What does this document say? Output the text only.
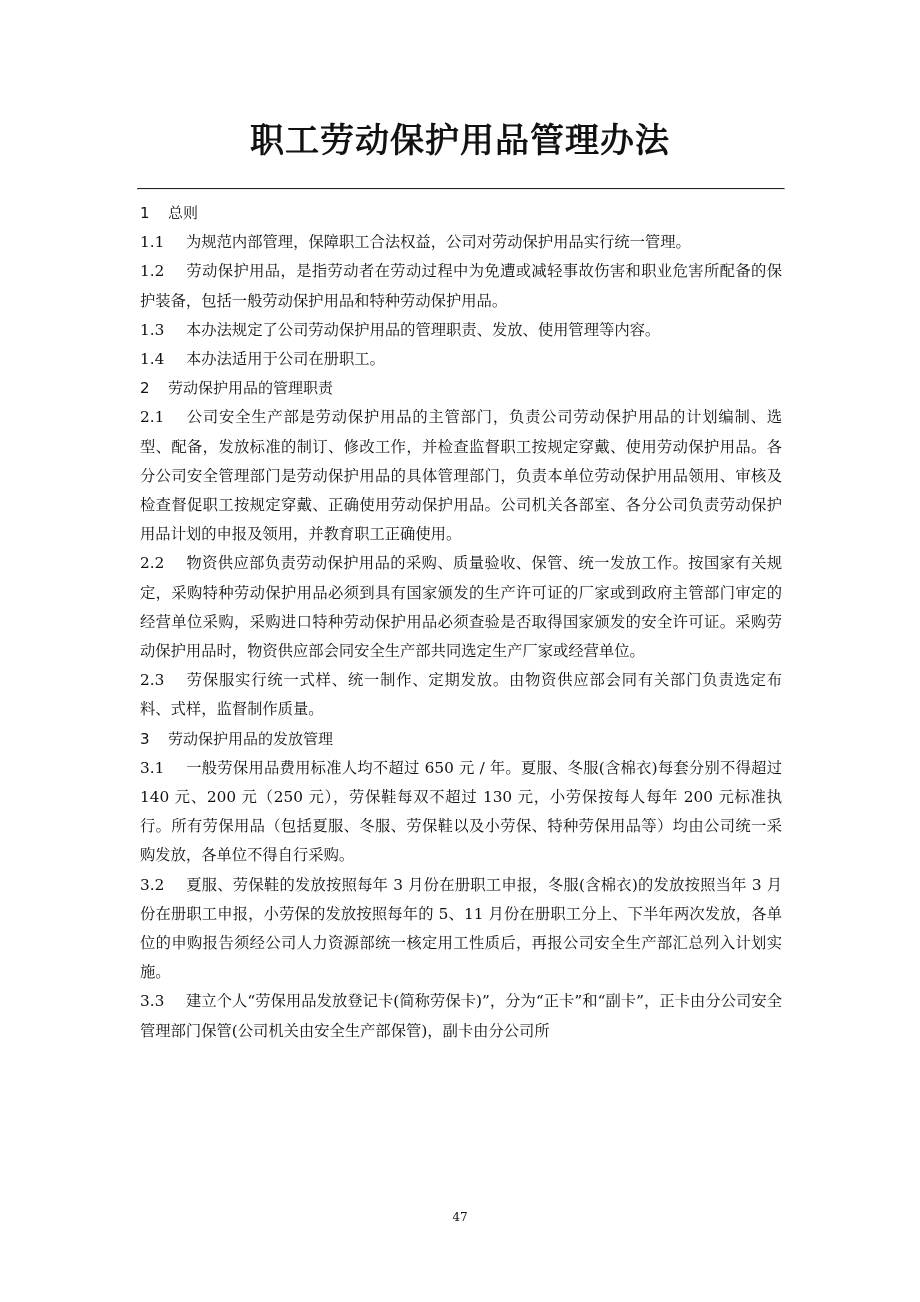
职工劳动保护用品管理办法

1 总则

1.1 为规范内部管理，保障职工合法权益，公司对劳动保护用品实行统一管理。

1.2 劳动保护用品，是指劳动者在劳动过程中为免遭或减轻事故伤害和职业危害所配备的保护装备，包括一般劳动保护用品和特种劳动保护用品。

1.3 本办法规定了公司劳动保护用品的管理职责、发放、使用管理等内容。

1.4 本办法适用于公司在册职工。

2 劳动保护用品的管理职责

2.1 公司安全生产部是劳动保护用品的主管部门，负责公司劳动保护用品的计划编制、选型、配备，发放标准的制订、修改工作，并检查监督职工按规定穿戴、使用劳动保护用品。各分公司安全管理部门是劳动保护用品的具体管理部门，负责本单位劳动保护用品领用、审核及检查督促职工按规定穿戴、正确使用劳动保护用品。公司机关各部室、各分公司负责劳动保护用品计划的申报及领用，并教育职工正确使用。

2.2 物资供应部负责劳动保护用品的采购、质量验收、保管、统一发放工作。按国家有关规定，采购特种劳动保护用品必须到具有国家颁发的生产许可证的厂家或到政府主管部门审定的经营单位采购，采购进口特种劳动保护用品必须查验是否取得国家颁发的安全许可证。采购劳动保护用品时，物资供应部会同安全生产部共同选定生产厂家或经营单位。

2.3 劳保服实行统一式样、统一制作、定期发放。由物资供应部会同有关部门负责选定布料、式样，监督制作质量。

3 劳动保护用品的发放管理

3.1 一般劳保用品费用标准人均不超过 650 元 / 年。夏服、冬服(含棉衣)每套分别不得超过 140 元、200 元（250 元），劳保鞋每双不超过 130 元，小劳保按每人每年 200 元标准执行。所有劳保用品（包括夏服、冬服、劳保鞋以及小劳保、特种劳保用品等）均由公司统一采购发放，各单位不得自行采购。

3.2 夏服、劳保鞋的发放按照每年 3 月份在册职工申报，冬服(含棉衣)的发放按照当年 3 月份在册职工申报，小劳保的发放按照每年的 5、11 月份在册职工分上、下半年两次发放，各单位的申购报告须经公司人力资源部统一核定用工性质后，再报公司安全生产部汇总列入计划实施。

3.3 建立个人“劳保用品发放登记卡(简称劳保卡)”，分为“正卡”和“副卡”，正卡由分公司安全管理部门保管(公司机关由安全生产部保管)，副卡由分公司所

47
